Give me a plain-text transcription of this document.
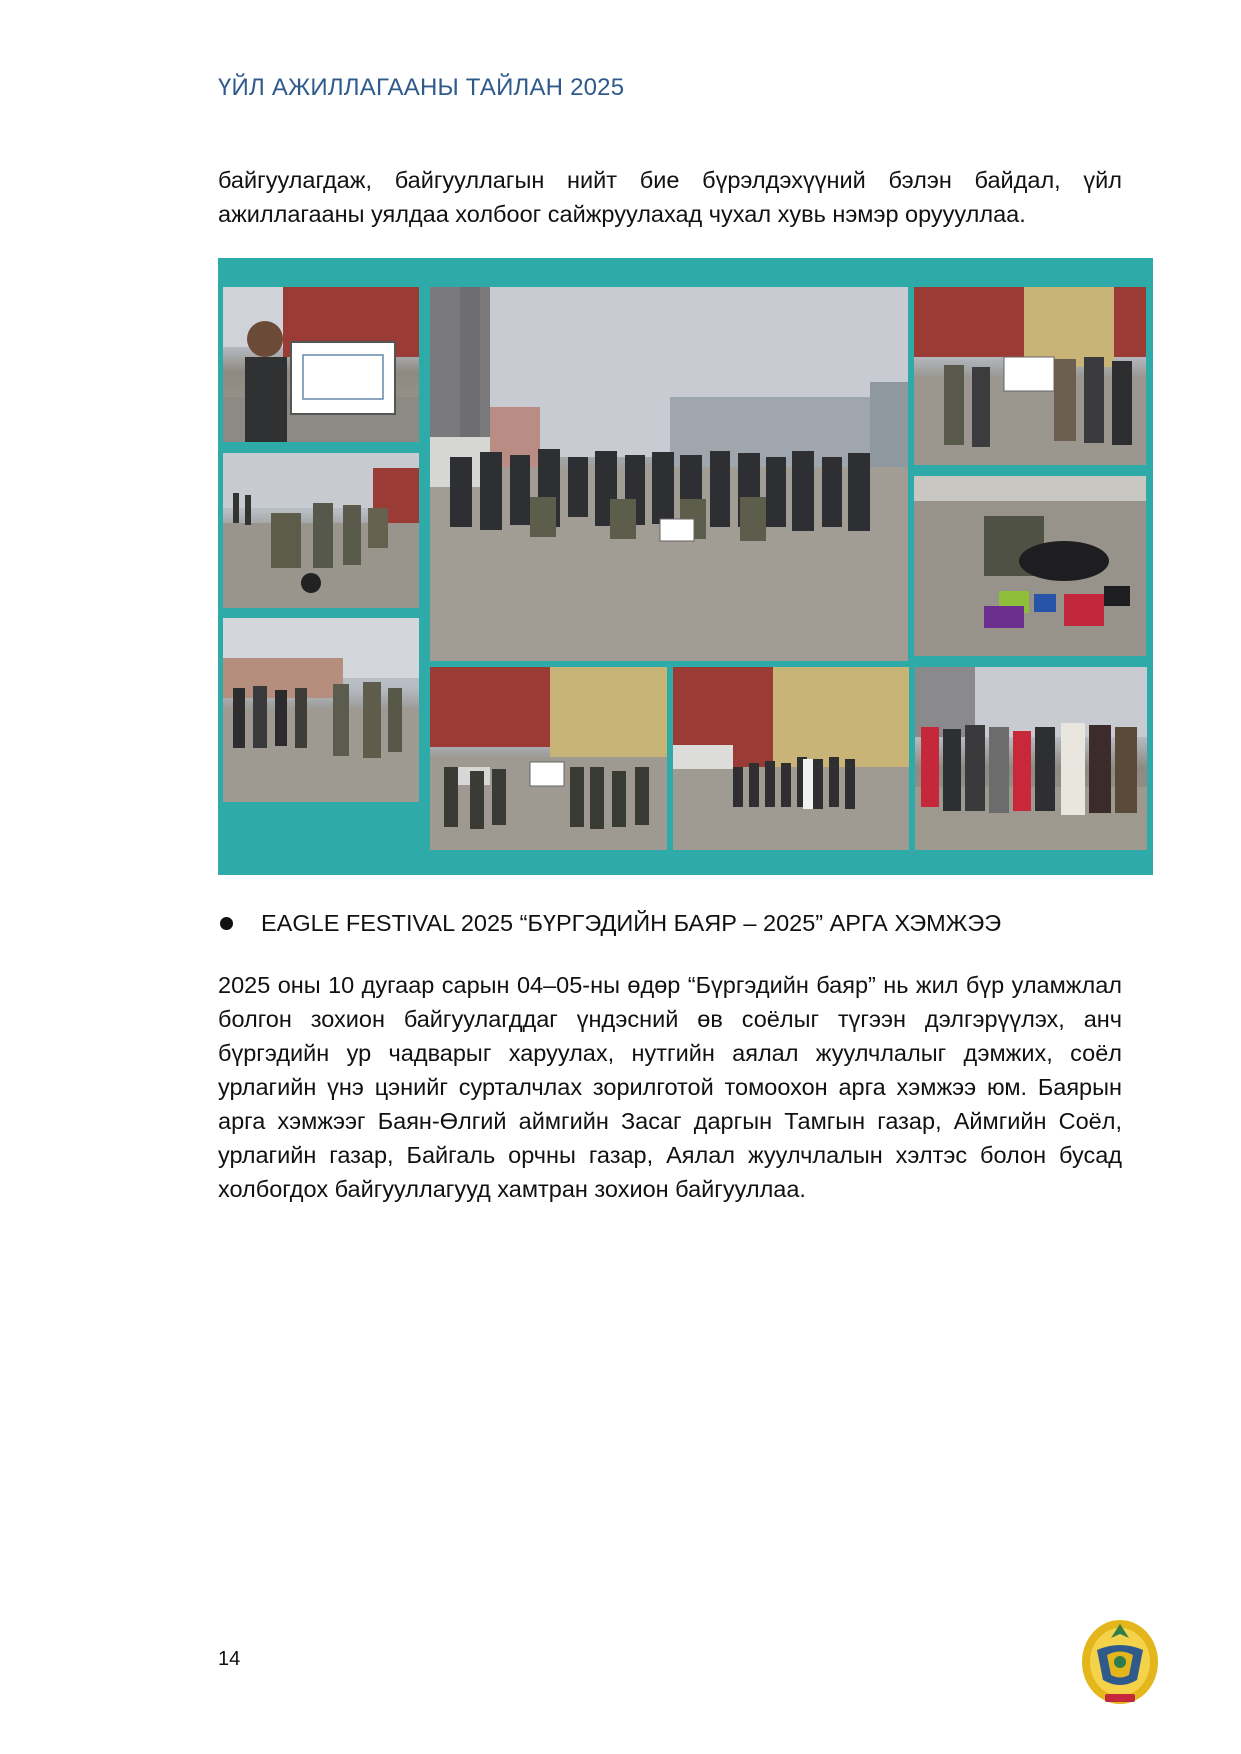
ҮЙЛ АЖИЛЛАГААНЫ ТАЙЛАН 2025

байгуулагдаж, байгууллагын нийт бие бүрэлдэхүүний бэлэн байдал, үйл ажиллагааны уялдаа холбоог сайжруулахад чухал хувь нэмэр оруууллаа.

EAGLE FESTIVAL 2025 “БҮРГЭДИЙН БАЯР – 2025” АРГА ХЭМЖЭЭ

2025 оны 10 дугаар сарын 04–05-ны өдөр “Бүргэдийн баяр” нь жил бүр уламжлал болгон зохион байгуулагддаг үндэсний өв соёлыг түгээн дэлгэрүүлэх, анч бүргэдийн ур чадварыг харуулах, нутгийн аялал жуулчлалыг дэмжих, соёл урлагийн үнэ цэнийг сурталчлах зорилготой томоохон арга хэмжээ юм. Баярын арга хэмжээг Баян-Өлгий аймгийн Засаг даргын Тамгын газар, Аймгийн Соёл, урлагийн газар, Байгаль орчны газар, Аялал жуулчлалын хэлтэс болон бусад холбогдох байгууллагууд хамтран зохион байгууллаа.

14
